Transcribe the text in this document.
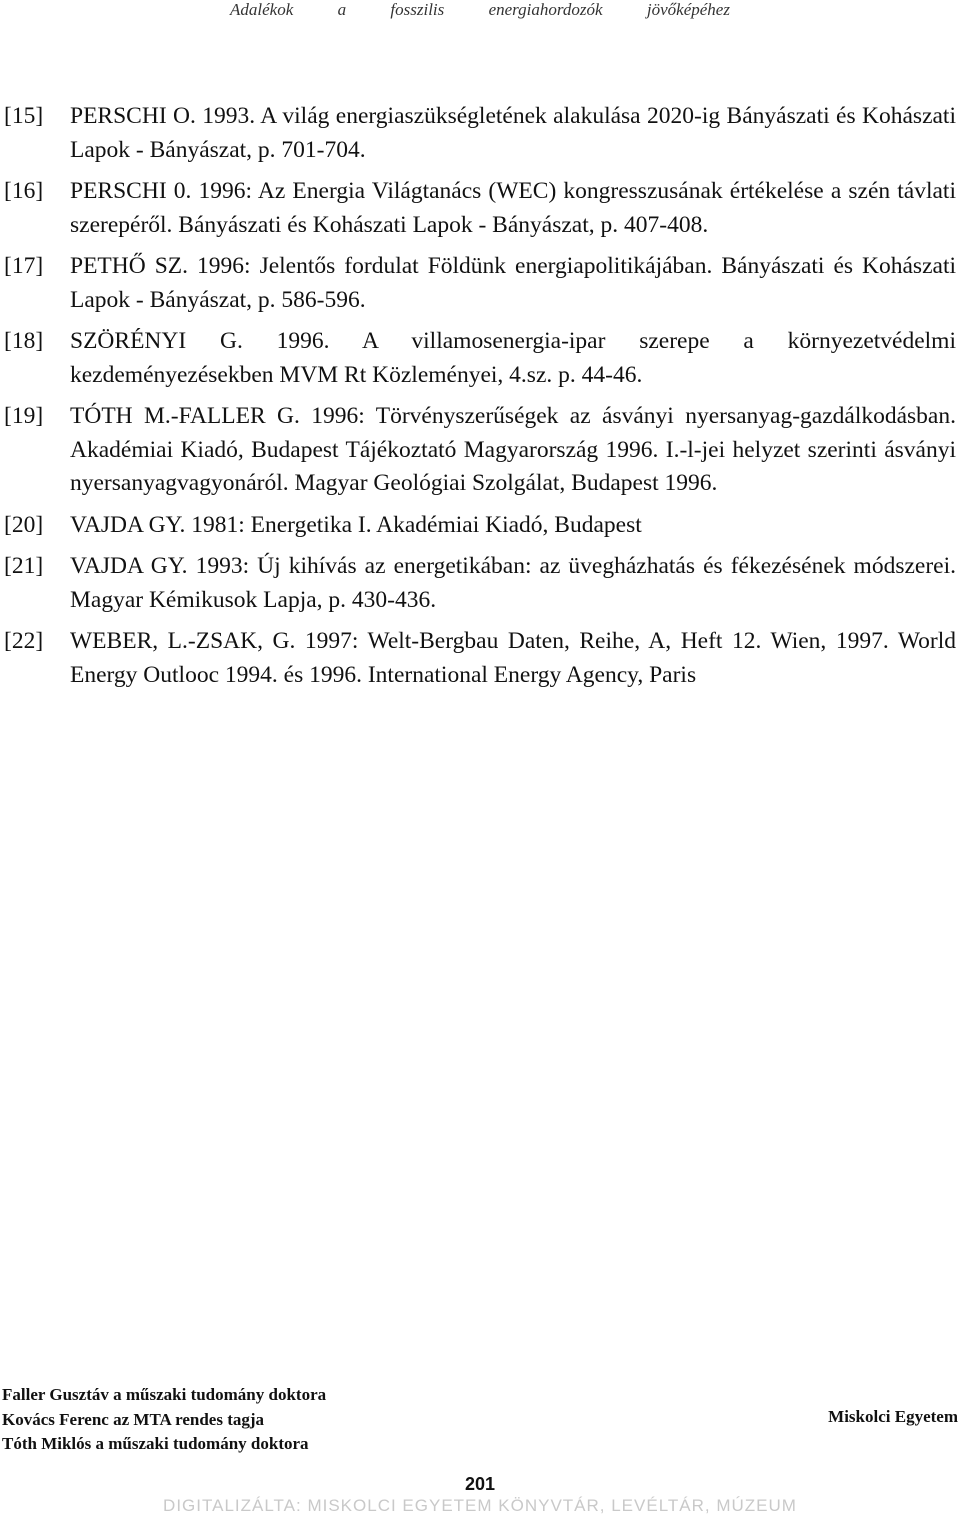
Adalékok	a	fosszilis	energiahordozók	jövőképéhez
[15]	PERSCHI O. 1993. A világ energiaszükségletének alakulása 2020-ig Bányászati és Kohászati Lapok - Bányászat, p. 701-704.
[16]	PERSCHI 0. 1996: Az Energia Világtanács (WEC) kongresszusának értékelése a szén távlati szerepéről. Bányászati és Kohászati Lapok - Bányászat, p. 407-408.
[17]	PETHŐ SZ. 1996: Jelentős fordulat Földünk energiapolitikájában. Bányászati és Kohászati Lapok - Bányászat, p. 586-596.
[18]	SZÖRÉNYI G. 1996. A villamosenergia-ipar szerepe a környezetvédelmi kezdeményezésekben MVM Rt Közleményei, 4.sz. p. 44-46.
[19]	TÓTH M.-FALLER G. 1996: Törvényszerűségek az ásványi nyersanyag-gazdálkodásban. Akadémiai Kiadó, Budapest Tájékoztató Magyarország 1996. I.-l-jei helyzet szerinti ásványi nyersanyagvagyonáról. Magyar Geológiai Szolgálat, Budapest 1996.
[20]	VAJDA GY. 1981: Energetika I. Akadémiai Kiadó, Budapest
[21]	VAJDA GY. 1993: Új kihívás az energetikában: az üvegházhatás és fékezésének módszerei. Magyar Kémikusok Lapja, p. 430-436.
[22]	WEBER, L.-ZSAK, G. 1997: Welt-Bergbau Daten, Reihe, A, Heft 12. Wien, 1997. World Energy Outlooc 1994. és 1996. International Energy Agency, Paris
Faller Gusztáv a műszaki tudomány doktora
Kovács Ferenc az MTA rendes tagja
Tóth Miklós a műszaki tudomány doktora
Miskolci Egyetem
201
DIGITALIZÁLTA: MISKOLCI EGYETEM KÖNYVTÁR, LEVÉLTÁR, MÚZEUM
